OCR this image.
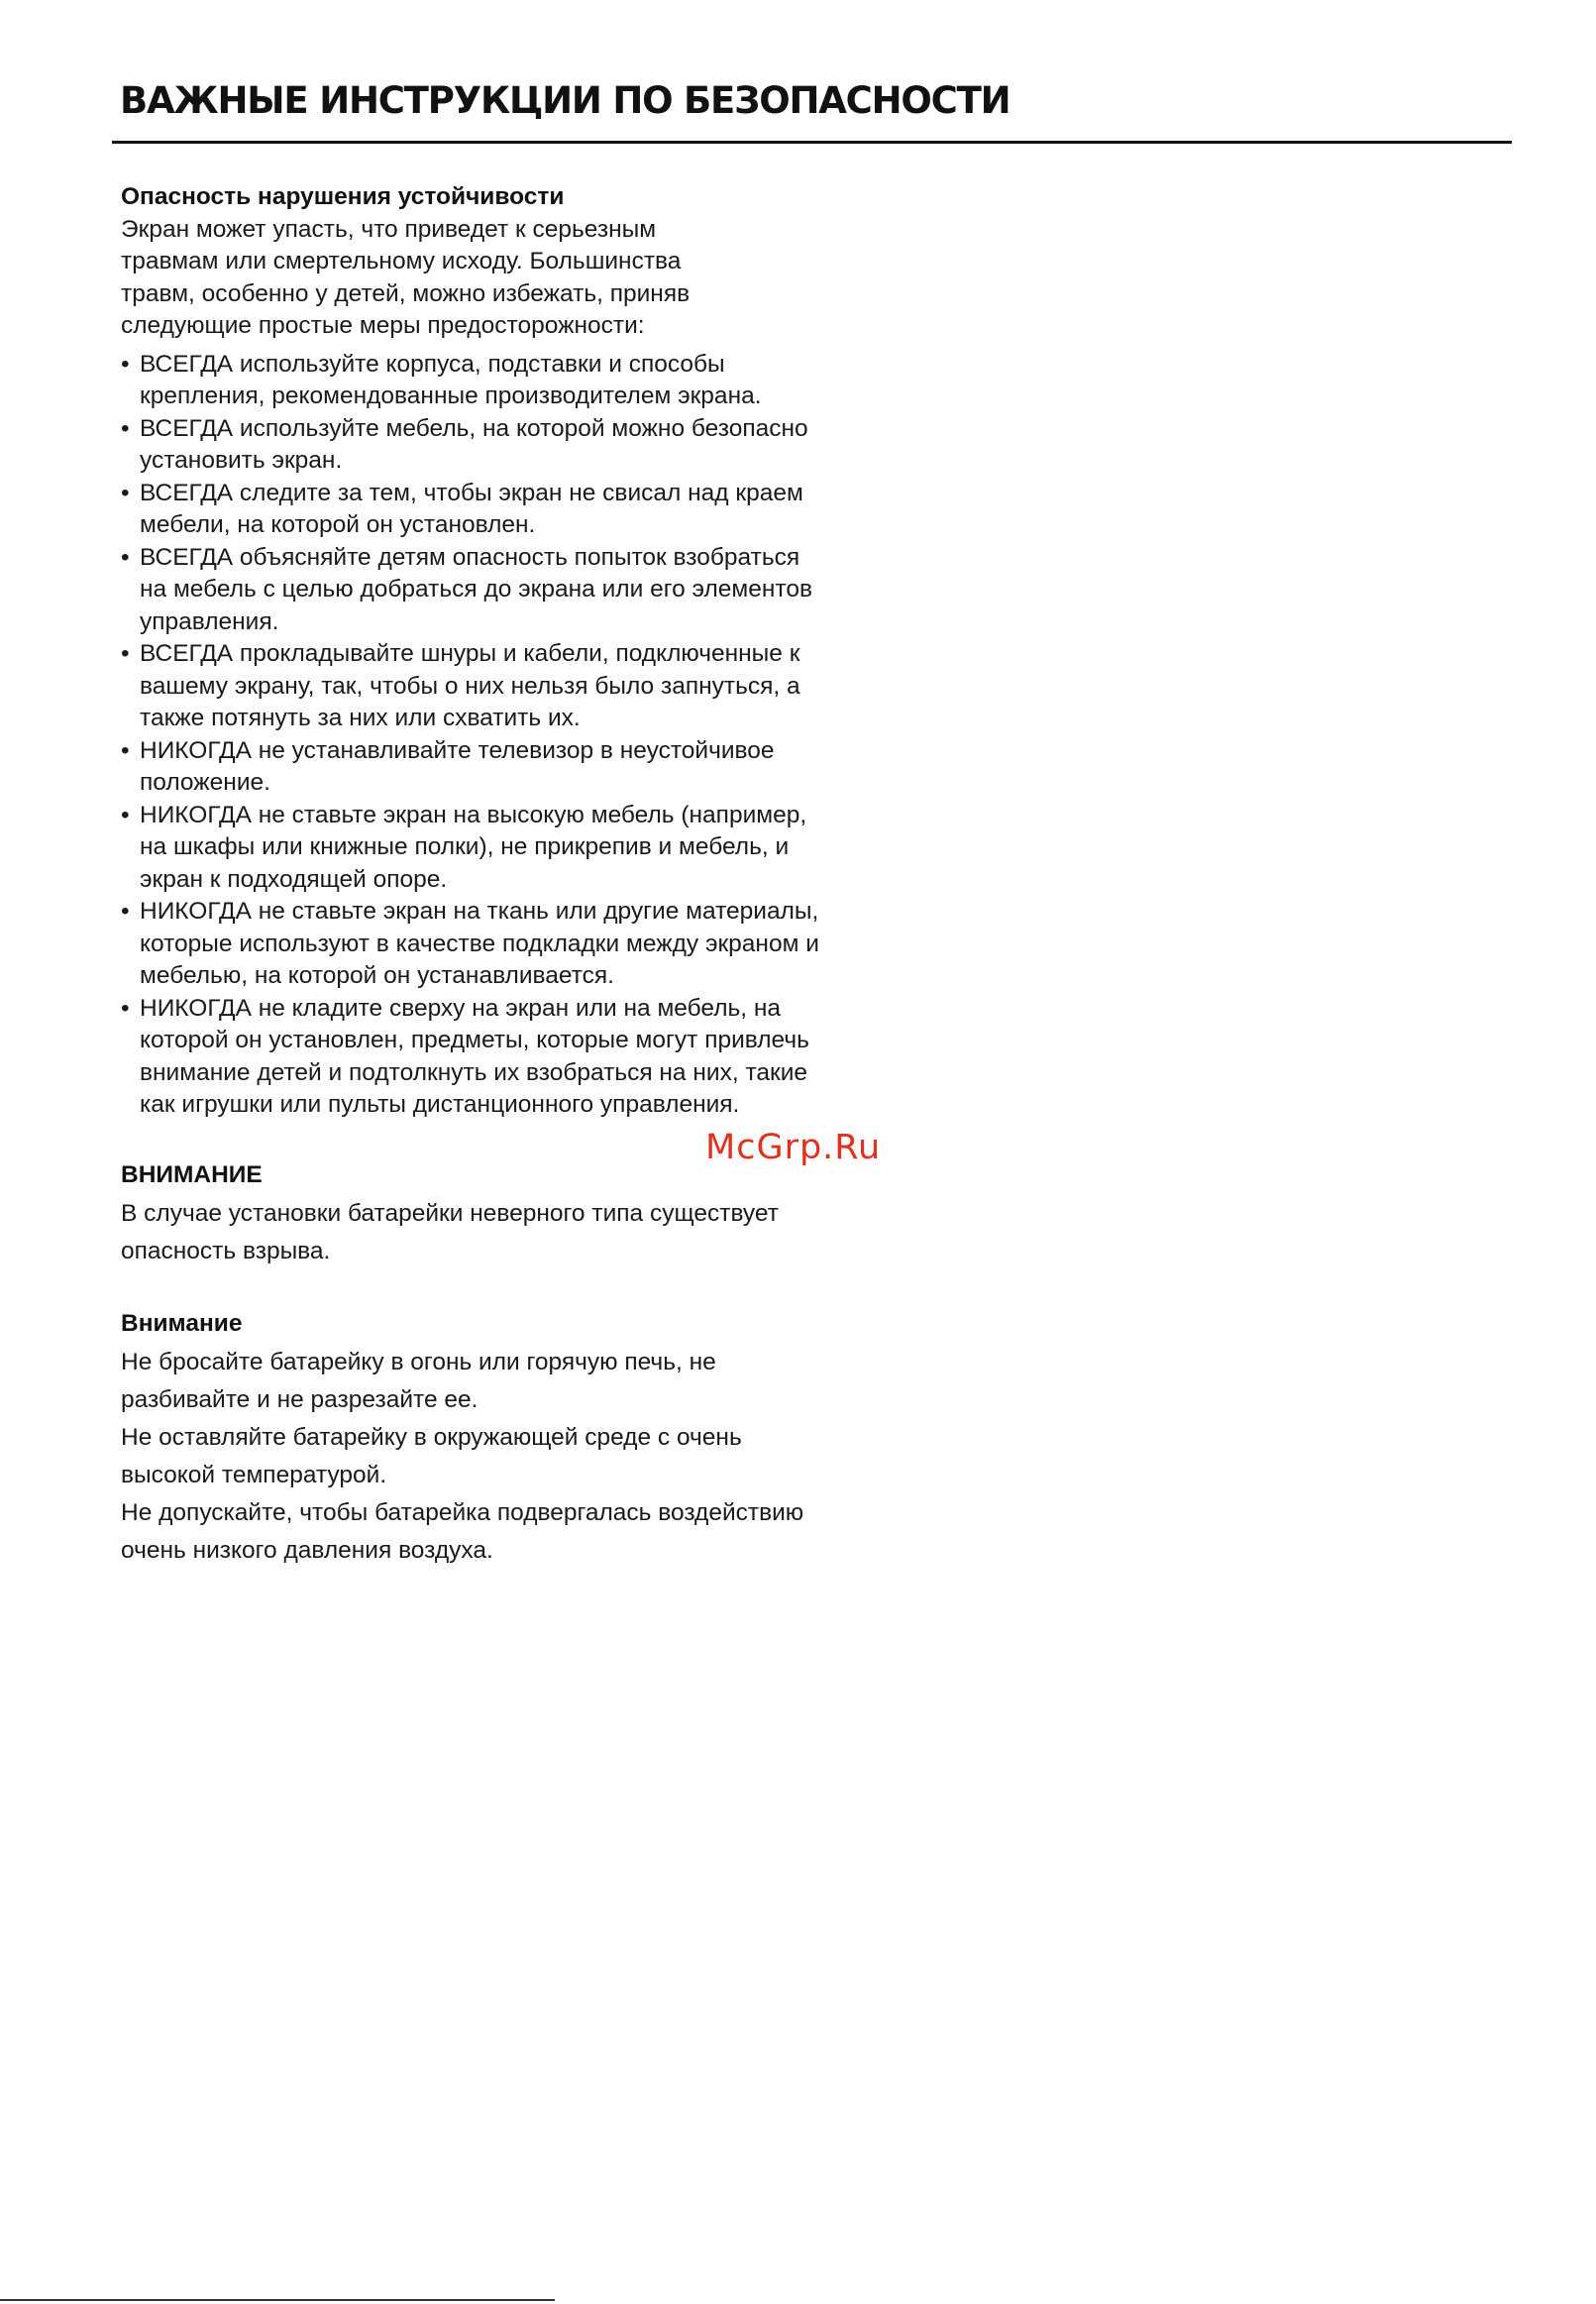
ВАЖНЫЕ ИНСТРУКЦИИ ПО БЕЗОПАСНОСТИ

Опасность нарушения устойчивости

Экран может упасть, что приведет к серьезным травмам или смертельному исходу. Большинства травм, особенно у детей, можно избежать, приняв следующие простые меры предосторожности:

• ВСЕГДА используйте корпуса, подставки и способы крепления, рекомендованные производителем экрана.
• ВСЕГДА используйте мебель, на которой можно безопасно установить экран.
• ВСЕГДА следите за тем, чтобы экран не свисал над краем мебели, на которой он установлен.
• ВСЕГДА объясняйте детям опасность попыток взобраться на мебель с целью добраться до экрана или его элементов управления.
• ВСЕГДА прокладывайте шнуры и кабели, подключенные к вашему экрану, так, чтобы о них нельзя было запнуться, а также потянуть за них или схватить их.
• НИКОГДА не устанавливайте телевизор в неустойчивое положение.
• НИКОГДА не ставьте экран на высокую мебель (например, на шкафы или книжные полки), не прикрепив и мебель, и экран к подходящей опоре.
• НИКОГДА не ставьте экран на ткань или другие материалы, которые используют в качестве подкладки между экраном и мебелью, на которой он устанавливается.
• НИКОГДА не кладите сверху на экран или на мебель, на которой он установлен, предметы, которые могут привлечь внимание детей и подтолкнуть их взобраться на них, такие как игрушки или пульты дистанционного управления.

ВНИМАНИЕ

В случае установки батарейки неверного типа существует опасность взрыва.

Внимание

Не бросайте батарейку в огонь или горячую печь, не разбивайте и не разрезайте ее.

Не оставляйте батарейку в окружающей среде с очень высокой температурой.

Не допускайте, чтобы батарейка подвергалась воздействию очень низкого давления воздуха.

McGrp.Ru
